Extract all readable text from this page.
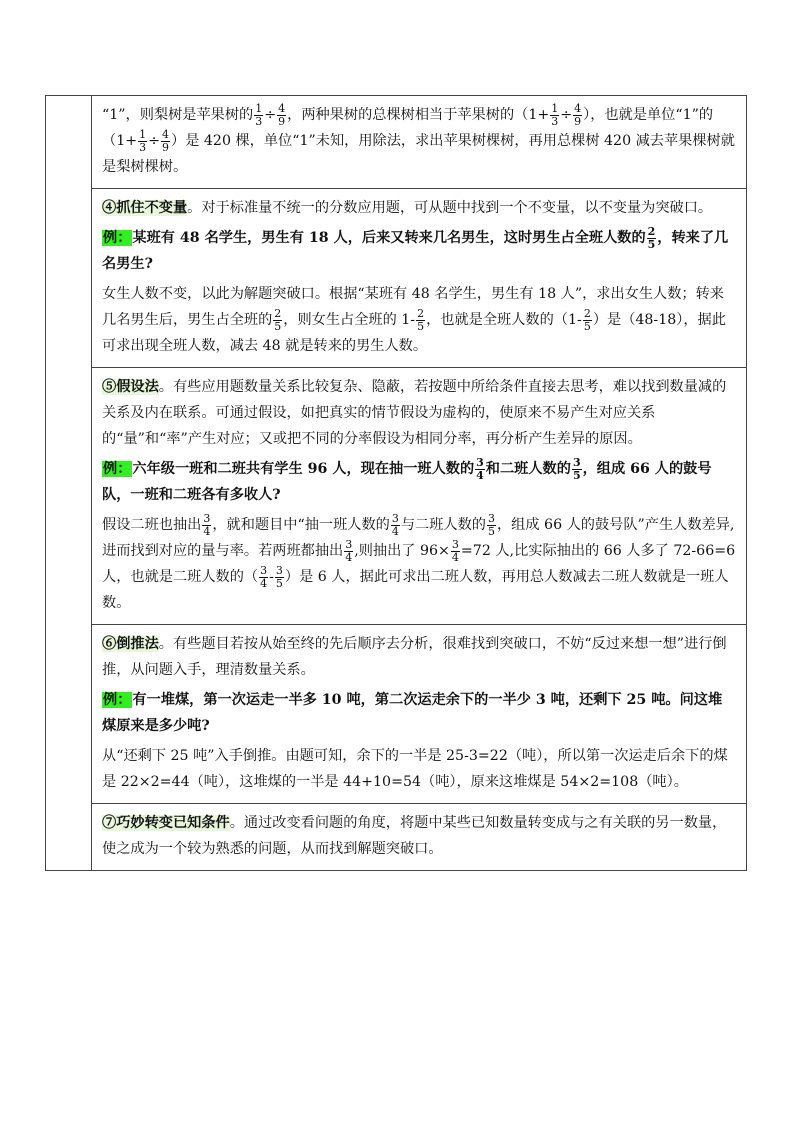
“1”，则梨树是苹果树的 $\frac{1}{3} \div \frac{4}{9}$ ，两种果树的总棵树相当于苹果树的（$1+ \frac{1}{3} \div \frac{4}{9}$ ），也就是单位“1”的 （$1+ \frac{1}{3} \div \frac{4}{9}$ ）是 420 棵，单位“1”未知，用除法，求出苹果树棵树，再用总棵树 420 减去苹果棵树就是梨树棵树。

④抓住不变量。对于标准量不统一的分数应用题，可从题中找到一个不变量，以不变量为突破口。

例：某班有 48 名学生，男生有 18 人，后来又转来几名男生，这时男生占全班人数的 $\frac{2}{5}$ ，转来了几名男生?

女生人数不变，以此为解题突破口。根据“某班有 48 名学生，男生有 18 人”，求出女生人数；转来几名男生后，男生占全班的 $\frac{2}{5}$ ，则女生占全班的 $1- \frac{2}{5}$ ，也就是全班人数的（$1- \frac{2}{5}$ ）是（48-18），据此可求出现全班人数，减去 48 就是转来的男生人数。

⑤假设法。有些应用题数量关系比较复杂、隐蔽，若按题中所给条件直接去思考，难以找到数量减的关系及内在联系。可通过假设，如把真实的情节假设为虚构的，使原来不易产生对应关系的“量”和“率”产生对应；又或把不同的分率假设为相同分率，再分析产生差异的原因。

例：六年级一班和二班共有学生 96 人，现在抽一班人数的 $\frac{3}{4}$ 和二班人数的 $\frac{3}{5}$ ，组成 66 人的鼓号队，一班和二班各有多收人?

假设二班也抽出 $\frac{3}{4}$ ，就和题目中“抽一班人数的 $\frac{3}{4}$ 与二班人数的 $\frac{3}{5}$ ，组成 66 人的鼓号队”产生人数差异,进而找到对应的量与率。若两班都抽出 $\frac{3}{4}$ ,则抽出了 $96\times \frac{3}{4} =72$ 人,比实际抽出的 66 人多了 72-66=6 人，也就是二班人数的（ $\frac{3}{4} - \frac{3}{5}$ ）是 6 人，据此可求出二班人数，再用总人数减去二班人数就是一班人数。

⑥倒推法。有些题目若按从始至终的先后顺序去分析，很难找到突破口，不妨“反过来想一想”进行倒推，从问题入手，理清数量关系。

例：有一堆煤，第一次运走一半多 10 吨，第二次运走余下的一半少 3 吨，还剩下 25 吨。问这堆煤原来是多少吨?

从“还剩下 25 吨”入手倒推。由题可知，余下的一半是 25-3=22（吨），所以第一次运走后余下的煤是 22×2=44（吨），这堆煤的一半是 44+10=54（吨），原来这堆煤是 54×2=108（吨）。

⑦巧妙转变已知条件。通过改变看问题的角度，将题中某些已知数量转变成与之有关联的另一数量，使之成为一个较为熟悉的问题，从而找到解题突破口。
